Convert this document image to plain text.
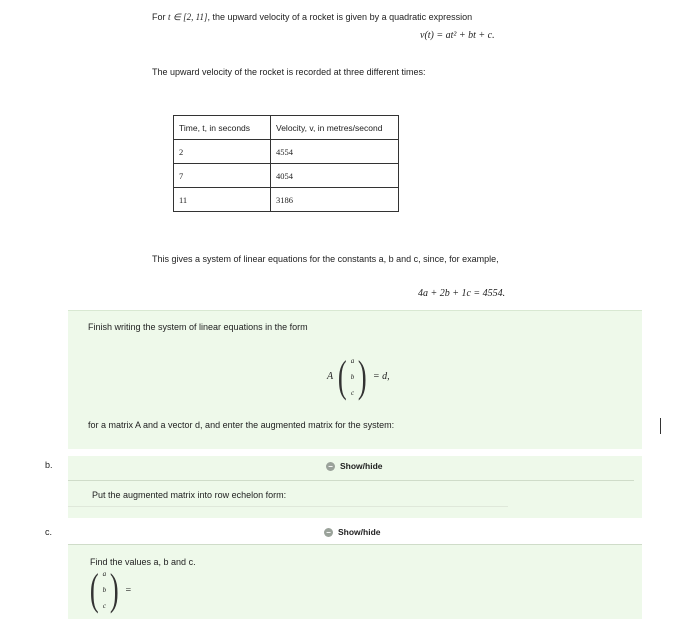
For t ∈ [2, 11], the upward velocity of a rocket is given by a quadratic expression
v(t) = at² + bt + c.
The upward velocity of the rocket is recorded at three different times:
Time, t, in seconds	Velocity, v, in metres/second
2	4554
7	4054
11	3186
This gives a system of linear equations for the constants a, b and c, since, for example,
4a + 2b + 1c = 4554.
Finish writing the system of linear equations in the form
A ( a
b
c ) = d,
for a matrix A and a vector d, and enter the augmented matrix for the system:
b.	− Show/hide
Put the augmented matrix into row echelon form:
c.	− Show/hide
Find the values a, b and c.
( a
b
c ) =
